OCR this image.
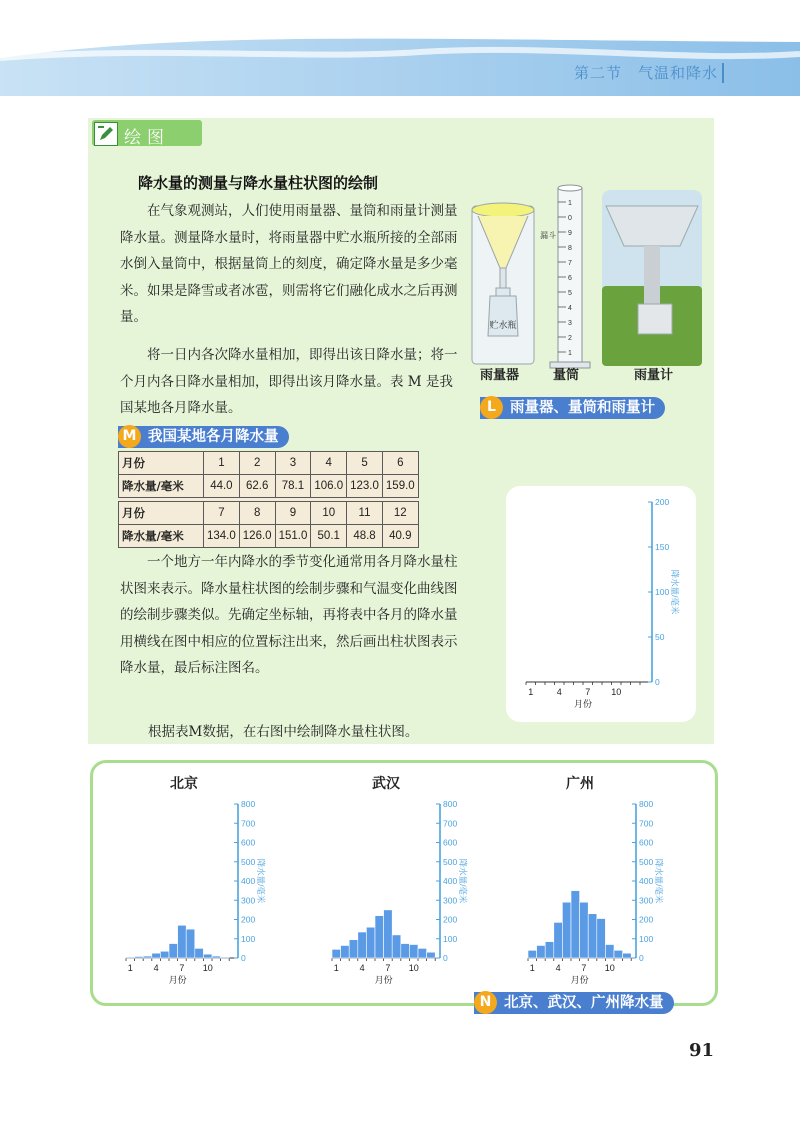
第二节　气温和降水
绘图
降水量的测量与降水量柱状图的绘制
在气象观测站，人们使用雨量器、量筒和雨量计测量降水量。测量降水量时，将雨量器中贮水瓶所接的全部雨水倒入量筒中，根据量筒上的刻度，确定降水量是多少毫米。如果是降雪或者冰雹，则需将它们融化成水之后再测量。
将一日内各次降水量相加，即得出该日降水量；将一个月内各日降水量相加，即得出该月降水量。表 M 是我国某地各月降水量。
贮水瓶
1
0
9
8
7
6
5
4
3
2
1
漏斗
雨量器	量筒	雨量计
L 雨量器、量筒和雨量计
M 我国某地各月降水量
月份	1	2	3	4	5	6
降水量/毫米	44.0	62.6	78.1	106.0	123.0	159.0

月份	7	8	9	10	11	12
降水量/毫米	134.0	126.0	151.0	50.1	48.8	40.9
一个地方一年内降水的季节变化通常用各月降水量柱状图来表示。降水量柱状图的绘制步骤和气温变化曲线图的绘制步骤类似。先确定坐标轴，再将表中各月的降水量用横线在图中相应的位置标注出来，然后画出柱状图表示降水量，最后标注图名。
根据表M数据，在右图中绘制降水量柱状图。
1	4	7 10
月份
0
50
100
150
200
降水量/毫米
北京	武汉	广州
1 4 7 10
月份
0
100
200
300
400
500
600
700
800
降水量/毫米
1 4 7 10
月份
0
100
200
300
400
500
600
700
800
降水量/毫米
1 4 7 10
月份
0
100
200
300
400
500
600
700
800
降水量/毫米
N 北京、武汉、广州降水量
91
